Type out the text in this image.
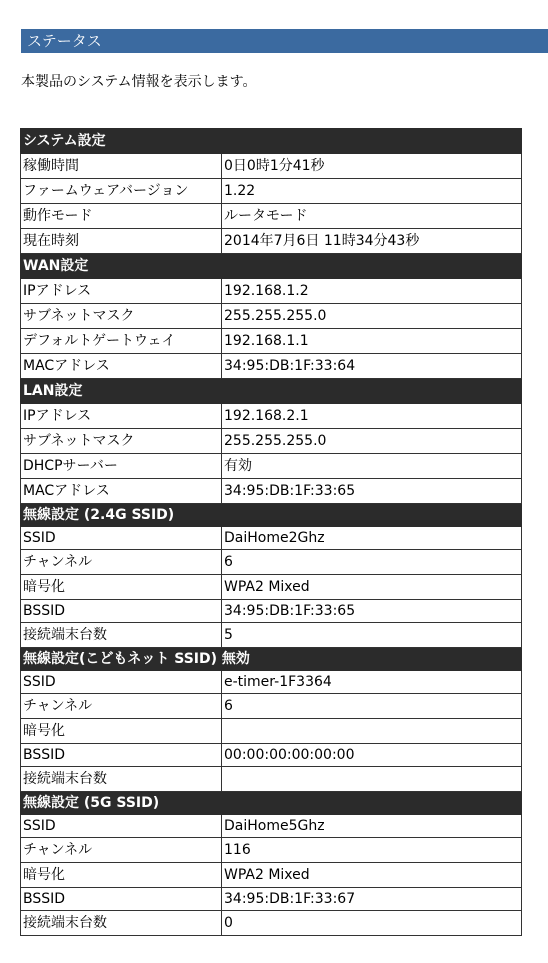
ステータス
本製品のシステム情報を表示します。
システム設定	
稼働時間	0日0時1分41秒
ファームウェアバージョン	1.22
動作モード	ルータモード
現在時刻	2014年7月6日 11時34分43秒
WAN設定	
IPアドレス	192.168.1.2
サブネットマスク	255.255.255.0
デフォルトゲートウェイ	192.168.1.1
MACアドレス	34:95:DB:1F:33:64
LAN設定	
IPアドレス	192.168.2.1
サブネットマスク	255.255.255.0
DHCPサーバー	有効
MACアドレス	34:95:DB:1F:33:65
無線設定 (2.4G SSID)	
SSID	DaiHome2Ghz
チャンネル	6
暗号化	WPA2 Mixed
BSSID	34:95:DB:1F:33:65
接続端末台数	5
無線設定(こどもネット SSID) 無効	
SSID	e-timer-1F3364
チャンネル	6
暗号化	
BSSID	00:00:00:00:00:00
接続端末台数	
無線設定 (5G SSID)	
SSID	DaiHome5Ghz
チャンネル	116
暗号化	WPA2 Mixed
BSSID	34:95:DB:1F:33:67
接続端末台数	0
